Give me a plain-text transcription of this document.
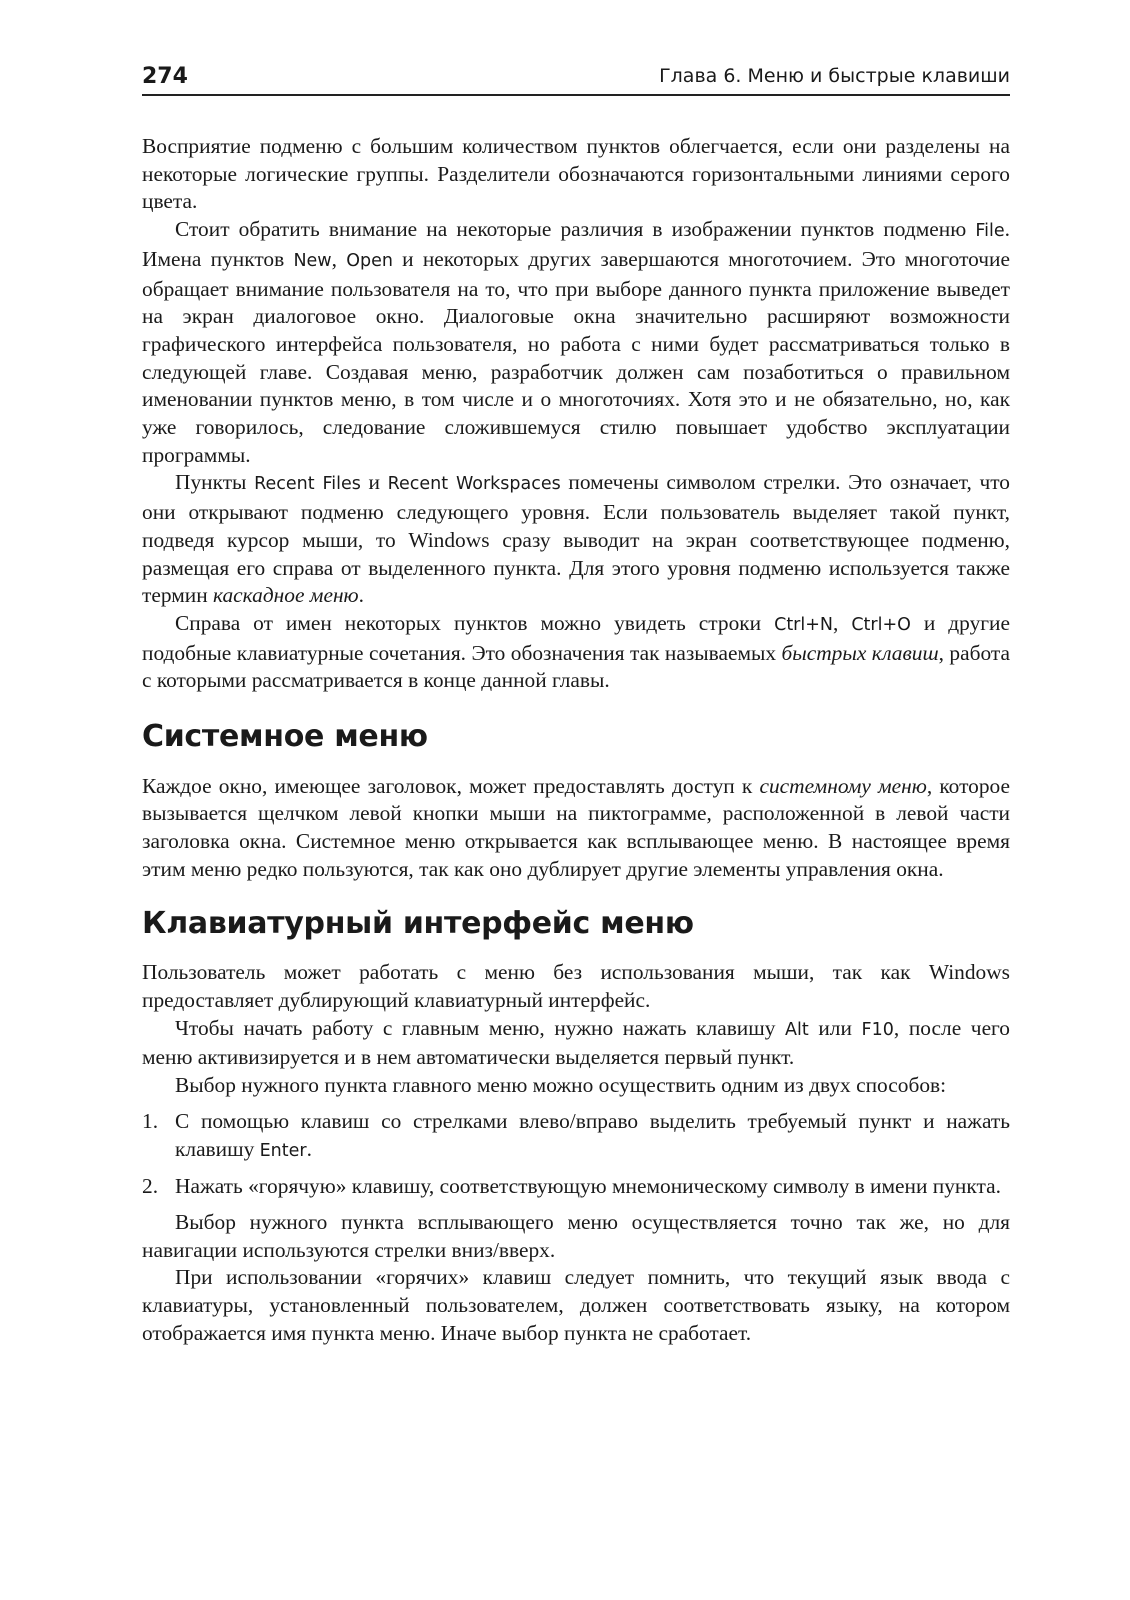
274	Глава 6. Меню и быстрые клавиши

Восприятие подменю с большим количеством пунктов облегчается, если они разделены на некоторые логические группы. Разделители обозначаются горизонтальными линиями серого цвета.

Стоит обратить внимание на некоторые различия в изображении пунктов подменю File. Имена пунктов New, Open и некоторых других завершаются многоточием. Это многоточие обращает внимание пользователя на то, что при выборе данного пункта приложение выведет на экран диалоговое окно. Диалоговые окна значительно расширяют возможности графического интерфейса пользователя, но работа с ними будет рассматриваться только в следующей главе. Создавая меню, разработчик должен сам позаботиться о правильном именовании пунктов меню, в том числе и о многоточиях. Хотя это и не обязательно, но, как уже говорилось, следование сложившемуся стилю повышает удобство эксплуатации программы.

Пункты Recent Files и Recent Workspaces помечены символом стрелки. Это означает, что они открывают подменю следующего уровня. Если пользователь выделяет такой пункт, подведя курсор мыши, то Windows сразу выводит на экран соответствующее подменю, размещая его справа от выделенного пункта. Для этого уровня подменю используется также термин каскадное меню.

Справа от имен некоторых пунктов можно увидеть строки Ctrl+N, Ctrl+O и другие подобные клавиатурные сочетания. Это обозначения так называемых быстрых клавиш, работа с которыми рассматривается в конце данной главы.

Системное меню

Каждое окно, имеющее заголовок, может предоставлять доступ к системному меню, которое вызывается щелчком левой кнопки мыши на пиктограмме, расположенной в левой части заголовка окна. Системное меню открывается как всплывающее меню. В настоящее время этим меню редко пользуются, так как оно дублирует другие элементы управления окна.

Клавиатурный интерфейс меню

Пользователь может работать с меню без использования мыши, так как Windows предоставляет дублирующий клавиатурный интерфейс.

Чтобы начать работу с главным меню, нужно нажать клавишу Alt или F10, после чего меню активизируется и в нем автоматически выделяется первый пункт.

Выбор нужного пункта главного меню можно осуществить одним из двух способов:

1. С помощью клавиш со стрелками влево/вправо выделить требуемый пункт и нажать клавишу Enter.
2. Нажать «горячую» клавишу, соответствующую мнемоническому символу в имени пункта.

Выбор нужного пункта всплывающего меню осуществляется точно так же, но для навигации используются стрелки вниз/вверх.

При использовании «горячих» клавиш следует помнить, что текущий язык ввода с клавиатуры, установленный пользователем, должен соответствовать языку, на котором отображается имя пункта меню. Иначе выбор пункта не сработает.
